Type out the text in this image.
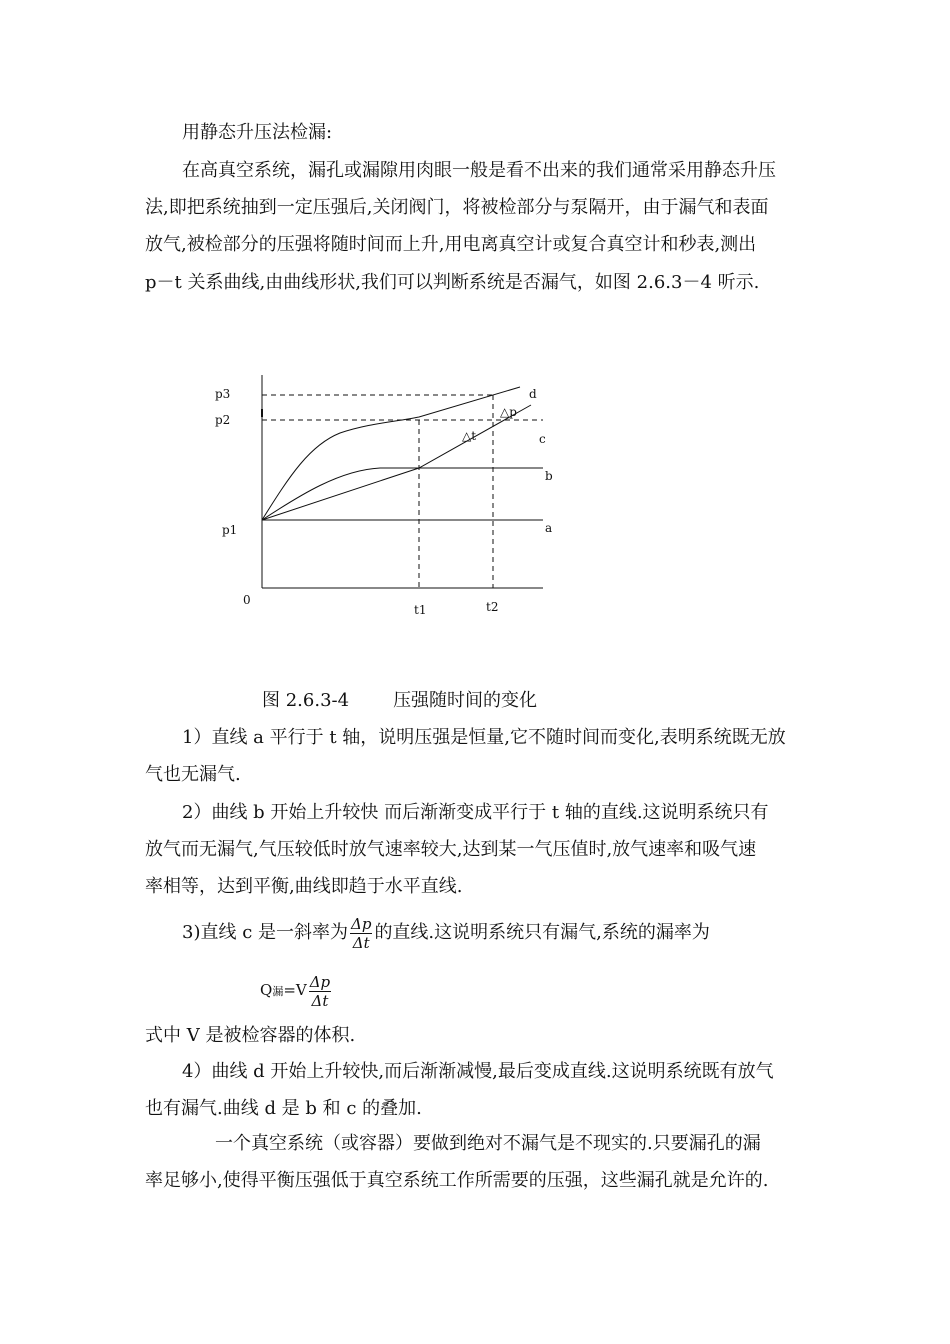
用静态升压法检漏:
在高真空系统，漏孔或漏隙用肉眼一般是看不出来的我们通常采用静态升压
法,即把系统抽到一定压强后,关闭阀门，将被检部分与泵隔开，由于漏气和表面
放气,被检部分的压强将随时间而上升,用电离真空计或复合真空计和秒表,测出
p－t 关系曲线,由曲线形状,我们可以判断系统是否漏气，如图 2.6.3－4 听示.
p3
p2
p1
0
t1	t2
a
b
c
d
△p
△t
图 2.6.3-4 压强随时间的变化
1）直线 a 平行于 t 轴，说明压强是恒量,它不随时间而变化,表明系统既无放
气也无漏气.
2）曲线 b 开始上升较快 而后渐渐变成平行于 t 轴的直线.这说明系统只有
放气而无漏气,气压较低时放气速率较大,达到某一气压值时,放气速率和吸气速
率相等，达到平衡,曲线即趋于水平直线.
3)直线 c 是一斜率为 $\frac{\Delta p}{\Delta t}$ 的直线.这说明系统只有漏气,系统的漏率为
Q漏$=V \frac{\Delta p}{\Delta t}$
式中 V 是被检容器的体积.
4）曲线 d 开始上升较快,而后渐渐减慢,最后变成直线.这说明系统既有放气
也有漏气.曲线 d 是 b 和 c 的叠加.
一个真空系统（或容器）要做到绝对不漏气是不现实的.只要漏孔的漏
率足够小,使得平衡压强低于真空系统工作所需要的压强，这些漏孔就是允许的.
